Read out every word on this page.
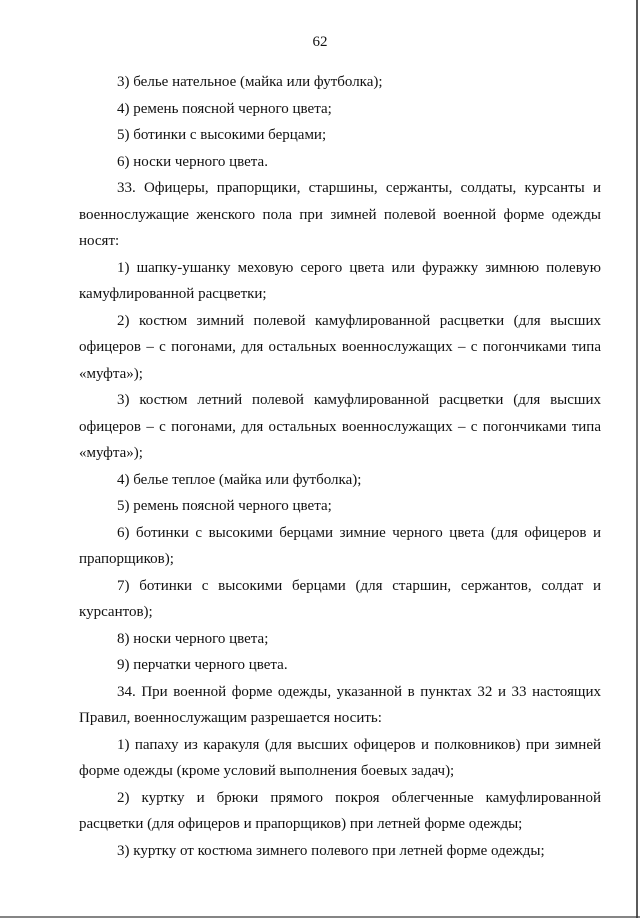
62

3) белье нательное (майка или футболка);

4) ремень поясной черного цвета;

5) ботинки с высокими берцами;

6) носки черного цвета.

33. Офицеры, прапорщики, старшины, сержанты, солдаты, курсанты и военнослужащие женского пола при зимней полевой военной форме одежды носят:

1) шапку-ушанку меховую серого цвета или фуражку зимнюю полевую камуфлированной расцветки;

2) костюм зимний полевой камуфлированной расцветки (для высших офицеров – с погонами, для остальных военнослужащих – с погончиками типа «муфта»);

3) костюм летний полевой камуфлированной расцветки (для высших офицеров – с погонами, для остальных военнослужащих – с погончиками типа «муфта»);

4) белье теплое (майка или футболка);

5) ремень поясной черного цвета;

6) ботинки с высокими берцами зимние черного цвета (для офицеров и прапорщиков);

7) ботинки с высокими берцами (для старшин, сержантов, солдат и курсантов);

8) носки черного цвета;

9) перчатки черного цвета.

34. При военной форме одежды, указанной в пунктах 32 и 33 настоящих Правил, военнослужащим разрешается носить:

1) папаху из каракуля (для высших офицеров и полковников) при зимней форме одежды (кроме условий выполнения боевых задач);

2) куртку и брюки прямого покроя облегченные камуфлированной расцветки (для офицеров и прапорщиков) при летней форме одежды;

3) куртку от костюма зимнего полевого при летней форме одежды;
